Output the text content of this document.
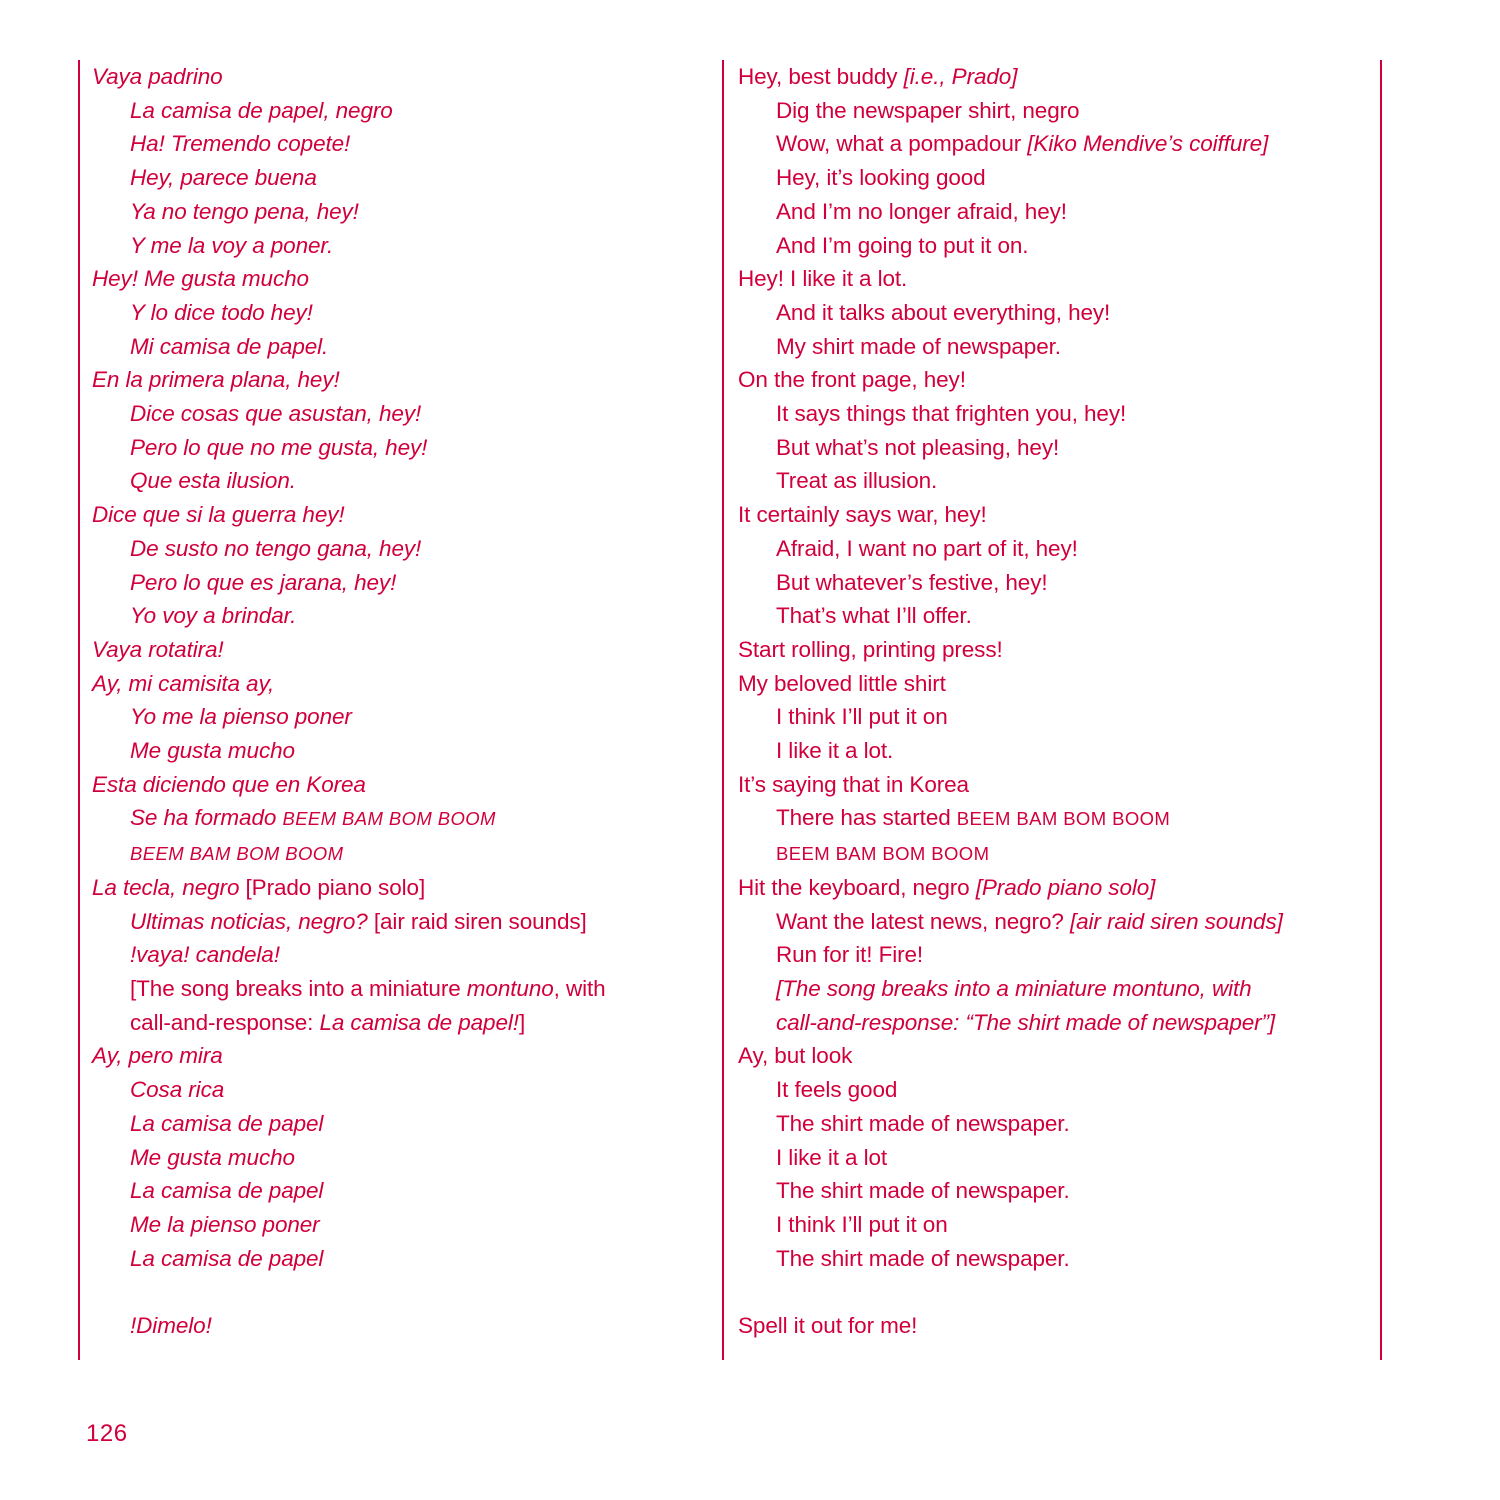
Vaya padrino
La camisa de papel, negro
Ha! Tremendo copete!
Hey, parece buena
Ya no tengo pena, hey!
Y me la voy a poner.
Hey! Me gusta mucho
Y lo dice todo hey!
Mi camisa de papel.
En la primera plana, hey!
Dice cosas que asustan, hey!
Pero lo que no me gusta, hey!
Que esta ilusion.
Dice que si la guerra hey!
De susto no tengo gana, hey!
Pero lo que es jarana, hey!
Yo voy a brindar.
Vaya rotatira!
Ay, mi camisita ay,
Yo me la pienso poner
Me gusta mucho
Esta diciendo que en Korea
Se ha formado BEEM BAM BOM BOOM
BEEM BAM BOM BOOM
La tecla, negro [Prado piano solo]
Ultimas noticias, negro? [air raid siren sounds]
!vaya! candela!
[The song breaks into a miniature montuno, with
call-and-response: La camisa de papel!]
Ay, pero mira
Cosa rica
La camisa de papel
Me gusta mucho
La camisa de papel
Me la pienso poner
La camisa de papel
!Dimelo!
Hey, best buddy [i.e., Prado]
Dig the newspaper shirt, negro
Wow, what a pompadour [Kiko Mendive’s coiffure]
Hey, it’s looking good
And I’m no longer afraid, hey!
And I’m going to put it on.
Hey! I like it a lot.
And it talks about everything, hey!
My shirt made of newspaper.
On the front page, hey!
It says things that frighten you, hey!
But what’s not pleasing, hey!
Treat as illusion.
It certainly says war, hey!
Afraid, I want no part of it, hey!
But whatever’s festive, hey!
That’s what I’ll offer.
Start rolling, printing press!
My beloved little shirt
I think I’ll put it on
I like it a lot.
It’s saying that in Korea
There has started BEEM BAM BOM BOOM
BEEM BAM BOM BOOM
Hit the keyboard, negro [Prado piano solo]
Want the latest news, negro? [air raid siren sounds]
Run for it! Fire!
[The song breaks into a miniature montuno, with
call-and-response: “The shirt made of newspaper”]
Ay, but look
It feels good
The shirt made of newspaper.
I like it a lot
The shirt made of newspaper.
I think I’ll put it on
The shirt made of newspaper.
Spell it out for me!
126
